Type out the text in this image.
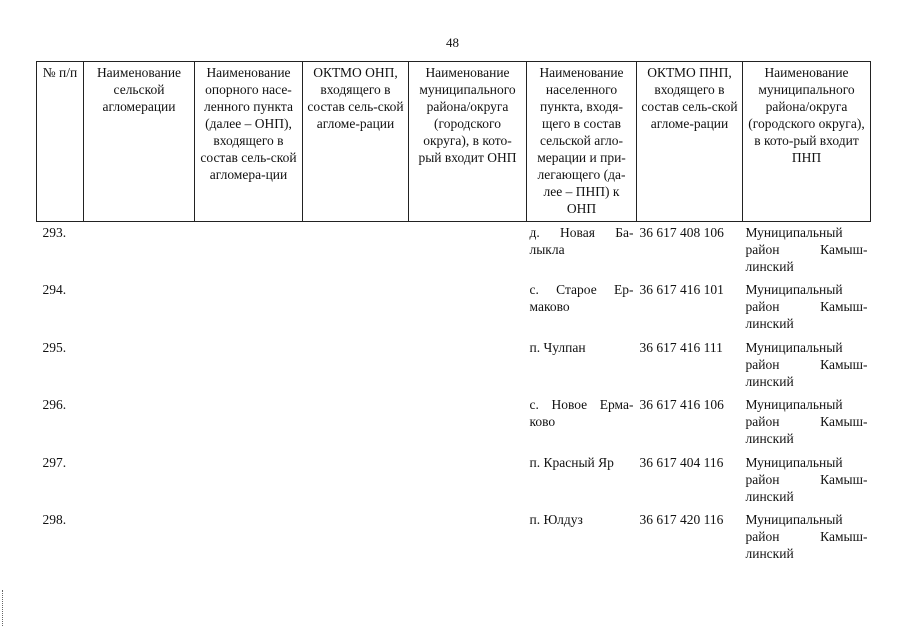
48
№ п/п	Наименование сельской агломерации	Наименование опорного насе-ленного пункта (далее – ОНП), входящего в состав сель-ской агломера-ции	ОКТМО ОНП, входящего в состав сель-ской агломе-рации	Наименование муниципального района/округа (городского округа), в кото-рый входит ОНП	Наименование населенного пункта, входя-щего в состав сельской агло-мерации и при-легающего (да-лее – ПНП) к ОНП	ОКТМО ПНП, входящего в состав сель-ской агломе-рации	Наименование муниципального района/округа (городского округа), в кото-рый входит ПНП
293.					д. Новая Ба-лыкла	36 617 408 106	Муниципальный район Камыш-линский
294.					с. Старое Ер-маково	36 617 416 101	Муниципальный район Камыш-линский
295.					п. Чулпан	36 617 416 111	Муниципальный район Камыш-линский
296.					с. Новое Ерма-ково	36 617 416 106	Муниципальный район Камыш-линский
297.					п. Красный Яр	36 617 404 116	Муниципальный район Камыш-линский
298.					п. Юлдуз	36 617 420 116	Муниципальный район Камыш-линский
